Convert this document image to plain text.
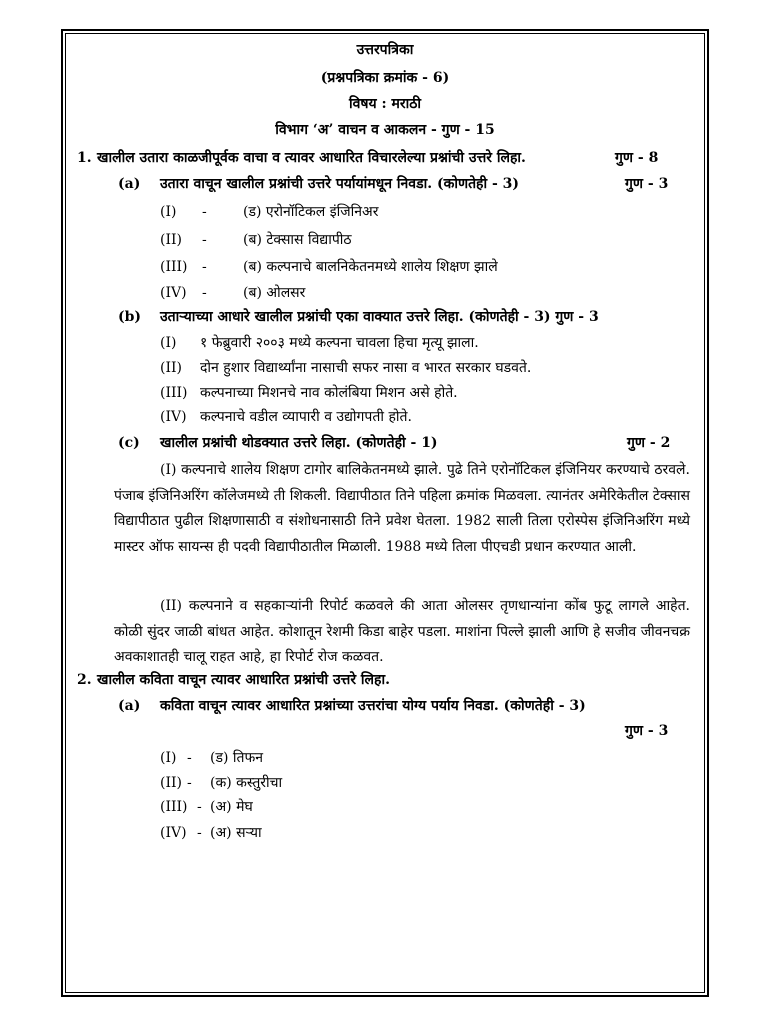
उत्तरपत्रिका
(प्रश्नपत्रिका क्रमांक - 6)
विषय : मराठी
विभाग ‘अ’ वाचन व आकलन - गुण - 15
1. खालील उतारा काळजीपूर्वक वाचा व त्यावर आधारित विचारलेल्या प्रश्नांची उत्तरे लिहा.	गुण - 8
(a) उतारा वाचून खालील प्रश्नांची उत्तरे पर्यायांमधून निवडा. (कोणतेही - 3)	गुण - 3
(I) -	(ड) एरोनॉटिकल इंजिनिअर
(II) -	(ब) टेक्सास विद्यापीठ
(III) -	(ब) कल्पनाचे बालनिकेतनमध्ये शालेय शिक्षण झाले
(IV) -	(ब) ओलसर
(b) उताऱ्याच्या आधारे खालील प्रश्नांची एका वाक्यात उत्तरे लिहा. (कोणतेही - 3) गुण - 3
(I) १ फेब्रुवारी २००३ मध्ये कल्पना चावला हिचा मृत्यू झाला.
(II) दोन हुशार विद्यार्थ्यांना नासाची सफर नासा व भारत सरकार घडवते.
(III) कल्पनाच्या मिशनचे नाव कोलंबिया मिशन असे होते.
(IV) कल्पनाचे वडील व्यापारी व उद्योगपती होते.
(c) खालील प्रश्नांची थोडक्यात उत्तरे लिहा. (कोणतेही - 1)	गुण - 2
(I) कल्पनाचे शालेय शिक्षण टागोर बालिकेतनमध्ये झाले. पुढे तिने एरोनॉटिकल इंजिनियर करण्याचे ठरवले. पंजाब इंजिनिअरिंग कॉलेजमध्ये ती शिकली. विद्यापीठात तिने पहिला क्रमांक मिळवला. त्यानंतर अमेरिकेतील टेक्सास विद्यापीठात पुढील शिक्षणासाठी व संशोधनासाठी तिने प्रवेश घेतला. 1982 साली तिला एरोस्पेस इंजिनिअरिंग मध्ये मास्टर ऑफ सायन्स ही पदवी विद्यापीठातील मिळाली. 1988 मध्ये तिला पीएचडी प्रधान करण्यात आली.
(II) कल्पनाने व सहकाऱ्यांनी रिपोर्ट कळवले की आता ओलसर तृणधान्यांना कोंब फुटू लागले आहेत. कोळी सुंदर जाळी बांधत आहेत. कोशातून रेशमी किडा बाहेर पडला. माशांना पिल्ले झाली आणि हे सजीव जीवनचक्र अवकाशातही चालू राहत आहे, हा रिपोर्ट रोज कळवत.
2. खालील कविता वाचून त्यावर आधारित प्रश्नांची उत्तरे लिहा.
(a) कविता वाचून त्यावर आधारित प्रश्नांच्या उत्तरांचा योग्य पर्याय निवडा. (कोणतेही - 3)
गुण - 3
(I) - (ड) तिफन
(II) - (क) कस्तुरीचा
(III) - (अ) मेघ
(IV) - (अ) सऱ्या
